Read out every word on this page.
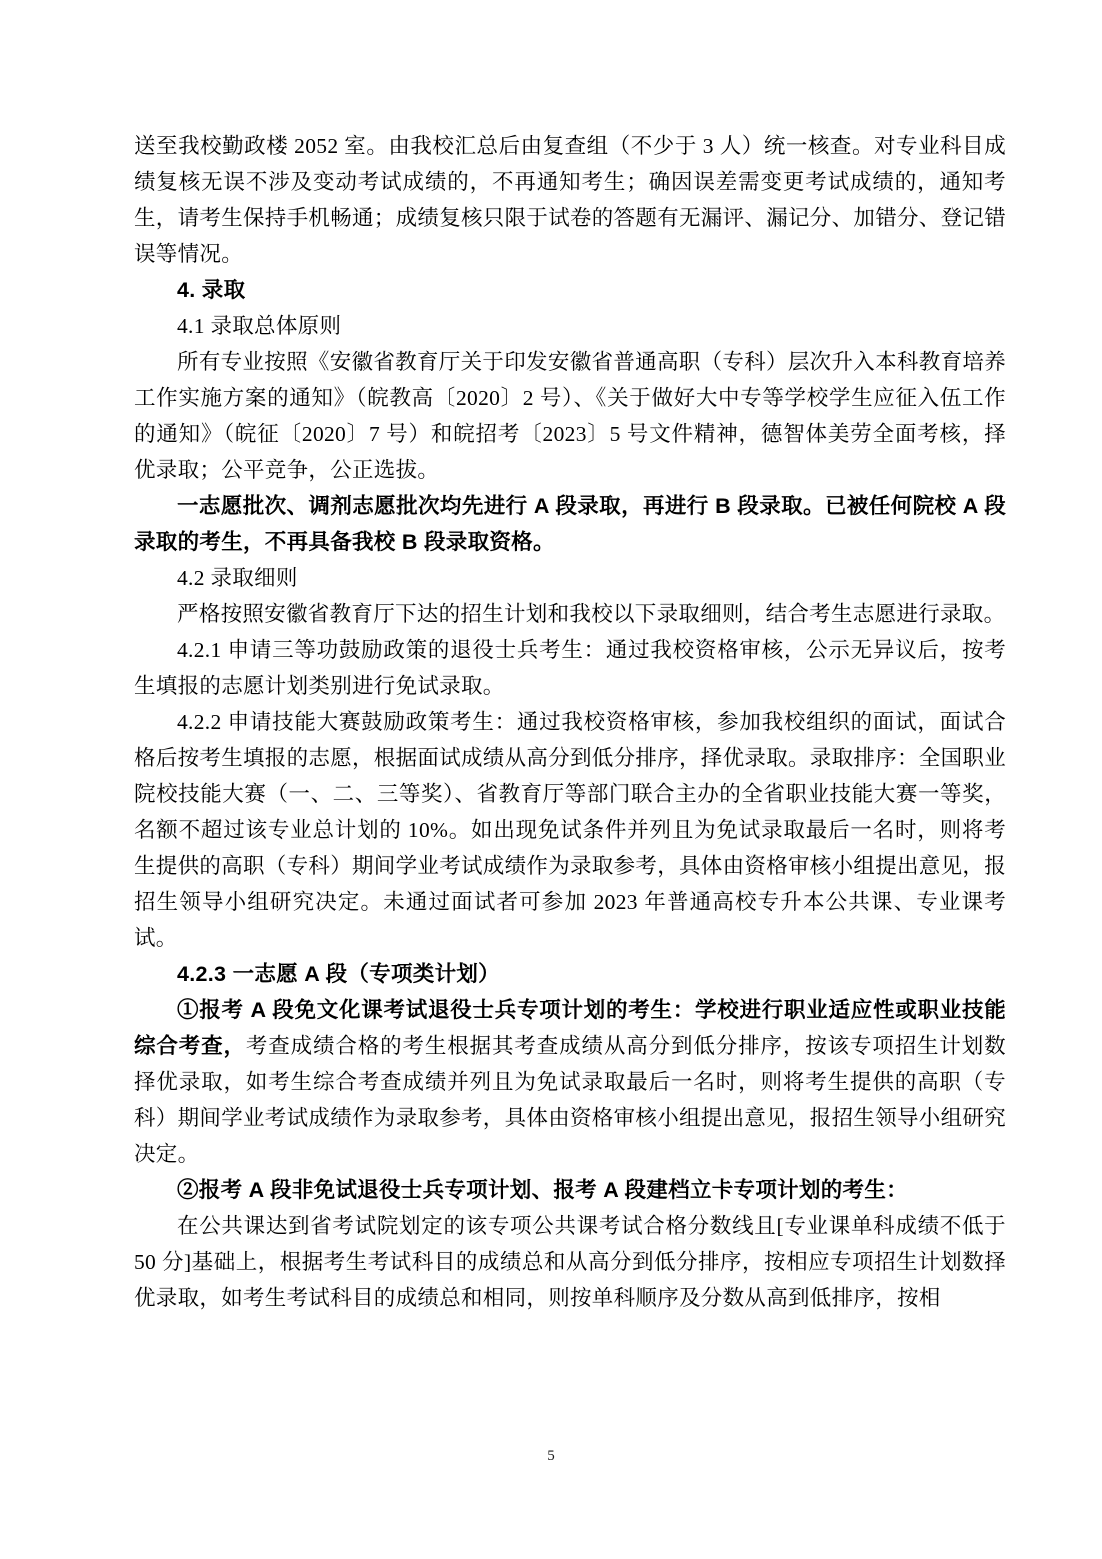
送至我校勤政楼 2052 室。由我校汇总后由复查组（不少于 3 人）统一核查。对专业科目成绩复核无误不涉及变动考试成绩的，不再通知考生；确因误差需变更考试成绩的，通知考生，请考生保持手机畅通；成绩复核只限于试卷的答题有无漏评、漏记分、加错分、登记错误等情况。

4. 录取

4.1 录取总体原则

所有专业按照《安徽省教育厅关于印发安徽省普通高职（专科）层次升入本科教育培养工作实施方案的通知》（皖教高〔2020〕2 号）、《关于做好大中专等学校学生应征入伍工作的通知》（皖征〔2020〕7 号）和皖招考〔2023〕5 号文件精神，德智体美劳全面考核，择优录取；公平竞争，公正选拔。

一志愿批次、调剂志愿批次均先进行 A 段录取，再进行 B 段录取。已被任何院校 A 段录取的考生，不再具备我校 B 段录取资格。

4.2 录取细则

严格按照安徽省教育厅下达的招生计划和我校以下录取细则，结合考生志愿进行录取。

4.2.1 申请三等功鼓励政策的退役士兵考生：通过我校资格审核，公示无异议后，按考生填报的志愿计划类别进行免试录取。

4.2.2 申请技能大赛鼓励政策考生：通过我校资格审核，参加我校组织的面试，面试合格后按考生填报的志愿，根据面试成绩从高分到低分排序，择优录取。录取排序：全国职业院校技能大赛（一、二、三等奖）、省教育厅等部门联合主办的全省职业技能大赛一等奖，名额不超过该专业总计划的 10%。如出现免试条件并列且为免试录取最后一名时，则将考生提供的高职（专科）期间学业考试成绩作为录取参考，具体由资格审核小组提出意见，报招生领导小组研究决定。未通过面试者可参加 2023 年普通高校专升本公共课、专业课考试。

4.2.3 一志愿 A 段（专项类计划）

①报考 A 段免文化课考试退役士兵专项计划的考生：学校进行职业适应性或职业技能综合考查，考查成绩合格的考生根据其考查成绩从高分到低分排序，按该专项招生计划数择优录取，如考生综合考查成绩并列且为免试录取最后一名时，则将考生提供的高职（专科）期间学业考试成绩作为录取参考，具体由资格审核小组提出意见，报招生领导小组研究决定。

②报考 A 段非免试退役士兵专项计划、报考 A 段建档立卡专项计划的考生：

在公共课达到省考试院划定的该专项公共课考试合格分数线且[专业课单科成绩不低于 50 分]基础上，根据考生考试科目的成绩总和从高分到低分排序，按相应专项招生计划数择优录取，如考生考试科目的成绩总和相同，则按单科顺序及分数从高到低排序，按相

5
